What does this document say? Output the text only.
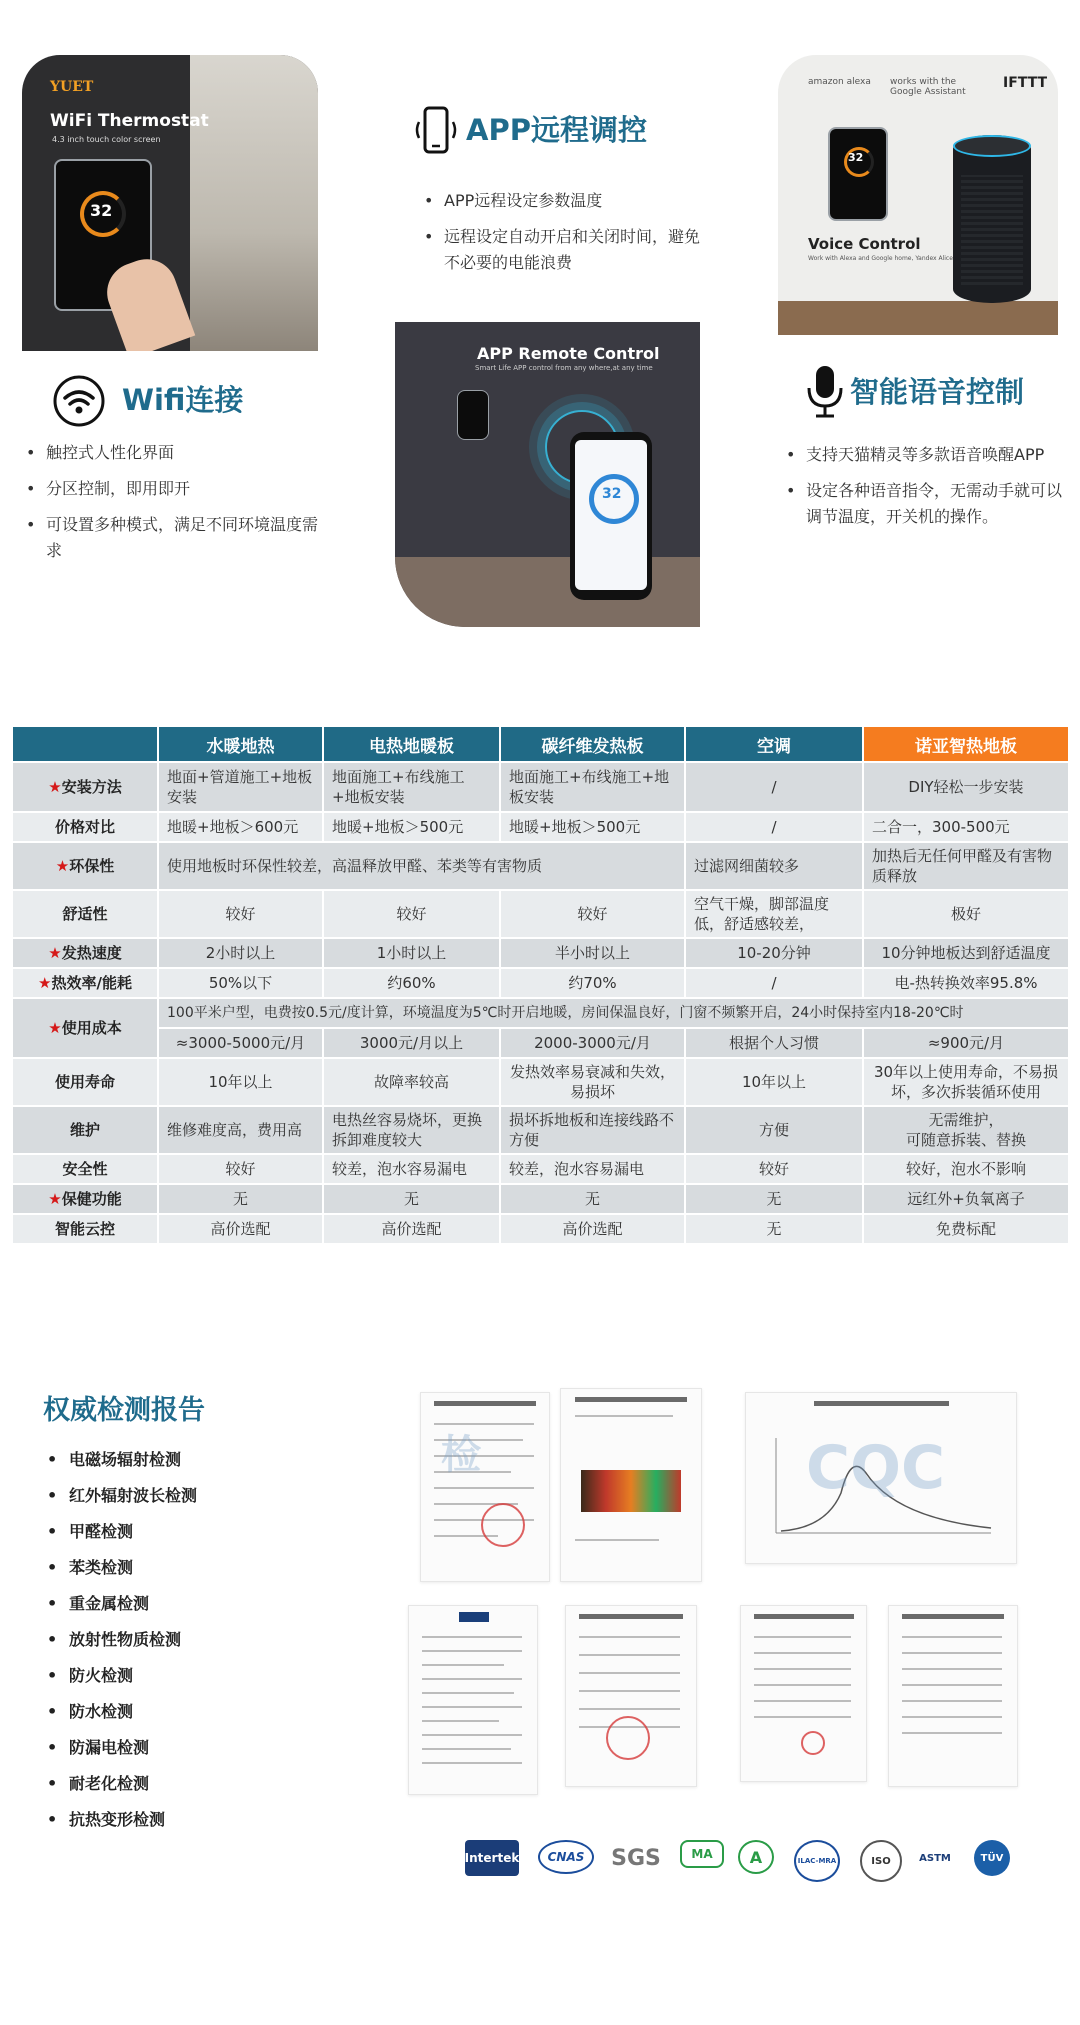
YUET
WiFi Thermostat
4.3 inch touch color screen
32
APP Remote Control
Smart Life APP control from any where,at any time
32
amazon alexa works with the Google Assistant
IFTTT
32
Voice Control
Work with Alexa and Google home, Yandex Alice
Wifi连接
• 触控式人性化界面
• 分区控制，即用即开
• 可设置多种模式，满足不同环境温度需求
APP远程调控
• APP远程设定参数温度
• 远程设定自动开启和关闭时间，避免不必要的电能浪费
智能语音控制
• 支持天猫精灵等多款语音唤醒APP
• 设定各种语音指令，无需动手就可以调节温度，开关机的操作。
	水暖地热	电热地暖板	碳纤维发热板	空调	诺亚智热地板
★安装方法	地面+管道施工+地板安装	地面施工+布线施工+地板安装	地面施工+布线施工+地板安装	/	DIY轻松一步安装
价格对比	地暖+地板＞600元	地暖+地板＞500元	地暖+地板＞500元	/	二合一，300-500元
★环保性	使用地板时环保性较差，高温释放甲醛、苯类等有害物质			过滤网细菌较多	加热后无任何甲醛及有害物质释放
舒适性	较好	较好	较好	空气干燥，脚部温度低，舒适感较差，	极好
★发热速度	2小时以上	1小时以上	半小时以上	10-20分钟	10分钟地板达到舒适温度
★热效率/能耗	50%以下	约60%	约70%	/	电-热转换效率95.8%
★使用成本	100平米户型，电费按0.5元/度计算，环境温度为5℃时开启地暖，房间保温良好，门窗不频繁开启，24小时保持室内18-20℃时				
	≈3000-5000元/月	3000元/月以上	2000-3000元/月	根据个人习惯	≈900元/月
使用寿命	10年以上	故障率较高	发热效率易衰减和失效，易损坏	10年以上	30年以上使用寿命，不易损坏，多次拆装循环使用
维护	维修难度高，费用高	电热丝容易烧坏，更换拆卸难度较大	损坏拆地板和连接线路不方便	方便	无需维护，
可随意拆装、替换
安全性	较好	较差，泡水容易漏电	较差，泡水容易漏电	较好	较好，泡水不影响
★保健功能	无	无	无	无	远红外+负氧离子
智能云控	高价选配	高价选配	高价选配	无	免费标配
权威检测报告
• 电磁场辐射检测
• 红外辐射波长检测
• 甲醛检测
• 苯类检测
• 重金属检测
• 放射性物质检测
• 防火检测
• 防水检测
• 防漏电检测
• 耐老化检测
• 抗热变形检测
检	CQC
Intertek	CNAS	SGS	MA	A	ILAC-MRA	ISO	ASTM	TÜV
